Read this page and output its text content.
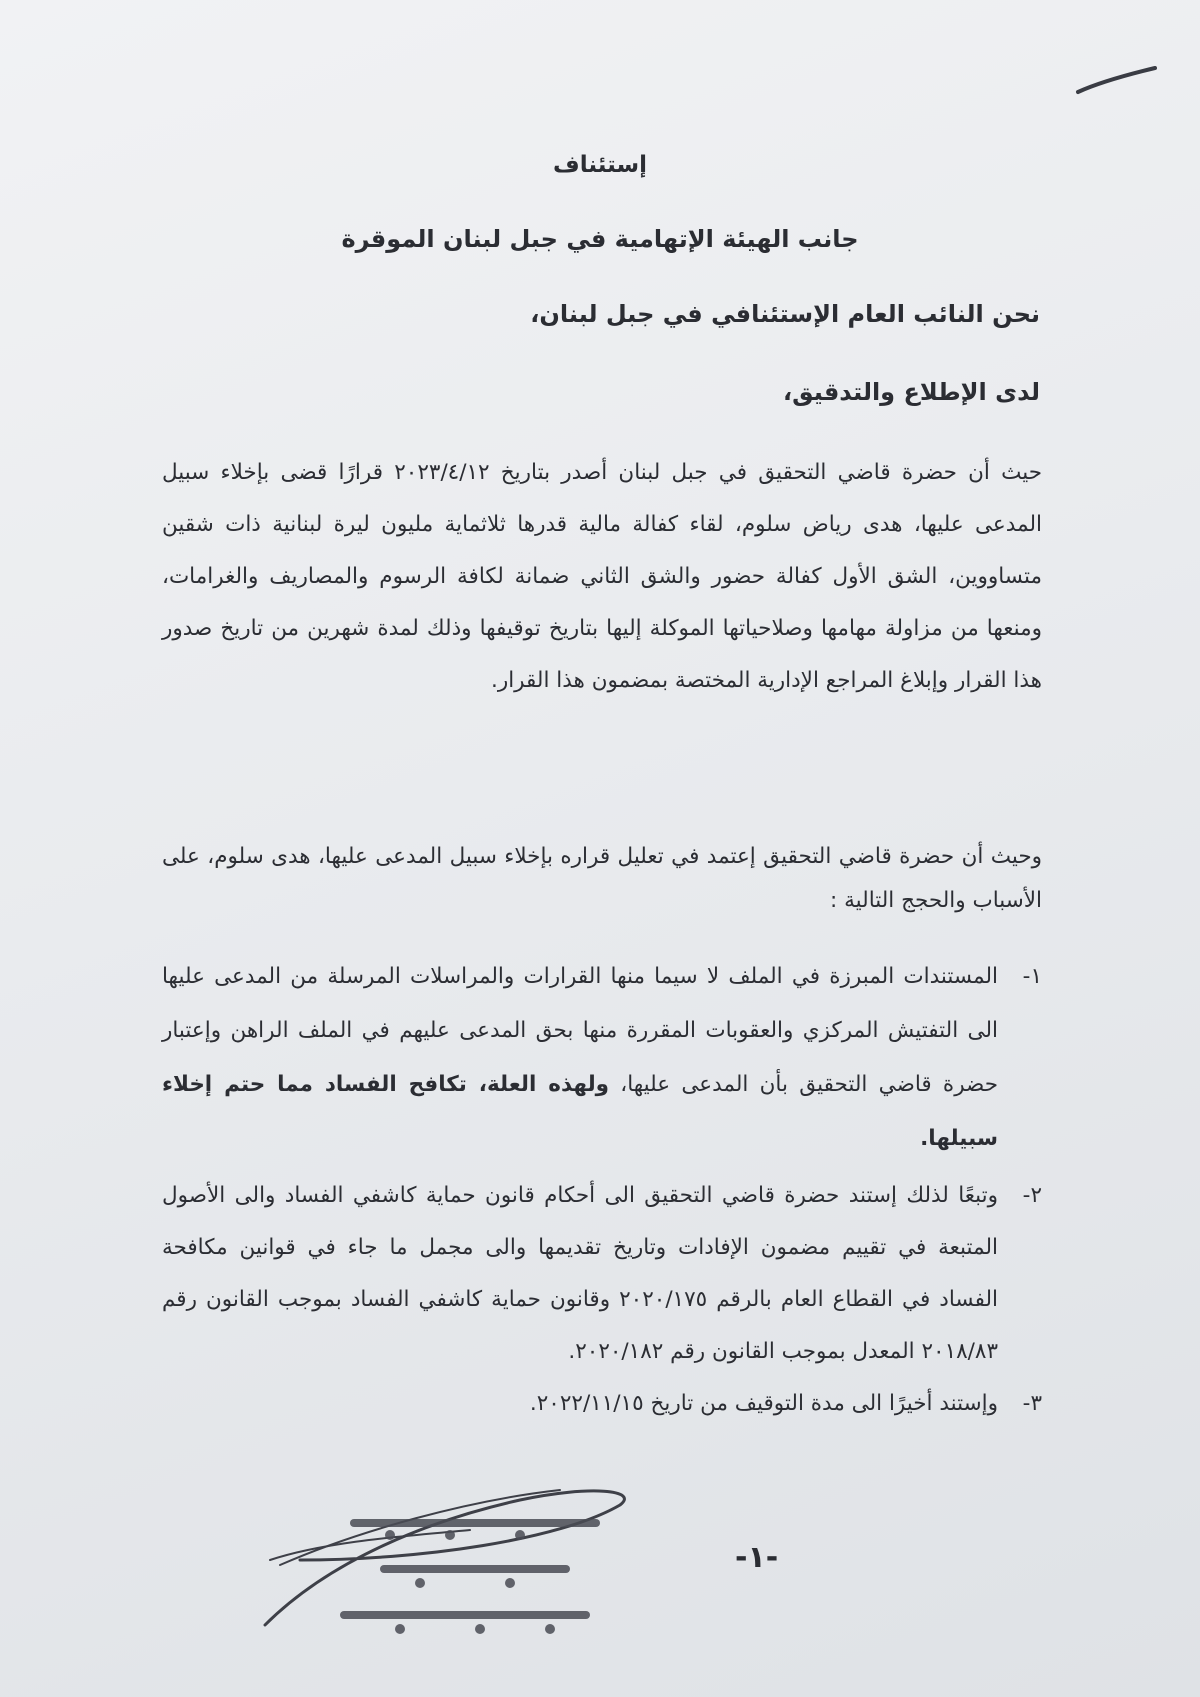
إستئناف
جانب الهيئة الإتهامية في جبل لبنان الموقرة
نحن النائب العام الإستئنافي في جبل لبنان،
لدى الإطلاع والتدقيق،
حيث أن حضرة قاضي التحقيق في جبل لبنان أصدر بتاريخ ٢٠٢٣/٤/١٢ قرارًا قضى بإخلاء سبيل المدعى عليها، هدى رياض سلوم، لقاء كفالة مالية قدرها ثلاثماية مليون ليرة لبنانية ذات شقين متساووين، الشق الأول كفالة حضور والشق الثاني ضمانة لكافة الرسوم والمصاريف والغرامات، ومنعها من مزاولة مهامها وصلاحياتها الموكلة إليها بتاريخ توقيفها وذلك لمدة شهرين من تاريخ صدور هذا القرار وإبلاغ المراجع الإدارية المختصة بمضمون هذا القرار.
وحيث أن حضرة قاضي التحقيق إعتمد في تعليل قراره بإخلاء سبيل المدعى عليها، هدى سلوم، على الأسباب والحجج التالية :
١-
المستندات المبرزة في الملف لا سيما منها القرارات والمراسلات المرسلة من المدعى عليها الى التفتيش المركزي والعقوبات المقررة منها بحق المدعى عليهم في الملف الراهن وإعتبار حضرة قاضي التحقيق بأن المدعى عليها، ولهذه العلة، تكافح الفساد مما حتم إخلاء سبيلها.
٢-
وتبعًا لذلك إستند حضرة قاضي التحقيق الى أحكام قانون حماية كاشفي الفساد والى الأصول المتبعة في تقييم مضمون الإفادات وتاريخ تقديمها والى مجمل ما جاء في قوانين مكافحة الفساد في القطاع العام بالرقم ٢٠٢٠/١٧٥ وقانون حماية كاشفي الفساد بموجب القانون رقم ٢٠١٨/٨٣ المعدل بموجب القانون رقم ٢٠٢٠/١٨٢.
٣-
وإستند أخيرًا الى مدة التوقيف من تاريخ ٢٠٢٢/١١/١٥.
-١-
